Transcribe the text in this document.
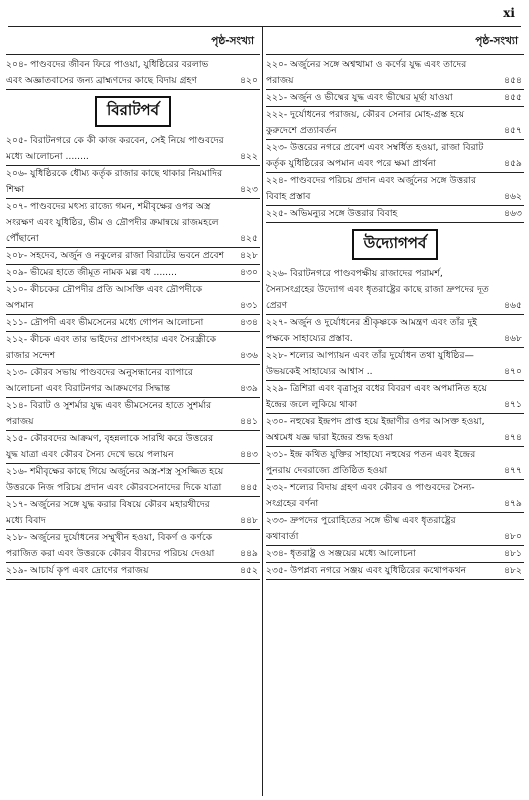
xi
পৃষ্ঠ-সংখ্যা
২০৪- পাণ্ডবদের জীবন ফিরে পাওয়া, যুধিষ্ঠিরের বরলাভ এবং অজ্ঞাতবাসের জন্য ব্রাহ্মণদের কাছে বিদায় গ্রহণ	৪২০
বিরাটপর্ব
২০৫- বিরাটনগরে কে কী কাজ করবেন, সেই নিয়ে পাণ্ডবদের মধ্যে আলোচনা ........	৪২২
২০৬- যুধিষ্ঠিরকে ধৌম্য কর্তৃক রাজার কাছে থাকার নিয়মাদির শিক্ষা	৪২৩
২০৭- পাণ্ডবদের মৎস্য রাজ্যে গমন, শমীবৃক্ষের ওপর অস্ত্র সংরক্ষণ এবং যুধিষ্ঠির, ভীম ও দ্রৌপদীর ক্রমান্বয়ে রাজমহলে পৌঁছানো	৪২৫
২০৮- সহদেব, অর্জুন ও নকুলের রাজা বিরাটের ভবনে প্রবেশ ৪২৮
২০৯- ভীমের হাতে জীমূত নামক মল্ল বধ ........	৪৩০
২১০- কীচকের দ্রৌপদীর প্রতি আসক্তি এবং দ্রৌপদীকে অপমান	৪৩১
২১১- দ্রৌপদী এবং ভীমসেনের মধ্যে গোপন আলোচনা	৪৩৪
২১২- কীচক এবং তার ভাইদের প্রাণসংহার এবং সৈরন্ধ্রীকে রাজার সন্দেশ	৪৩৬
২১৩- কৌরব সভায় পাণ্ডবদের অনুসন্ধানের ব্যাপারে আলোচনা এবং বিরাটনগর আক্রমণের সিদ্ধান্ত	৪৩৯
২১৪- বিরাট ও সুশর্মার যুদ্ধ এবং ভীমসেনের হাতে সুশর্মার পরাজয়	৪৪১
২১৫- কৌরবদের আক্রমণ, বৃহন্নলাকে সারথি করে উত্তরের যুদ্ধ যাত্রা এবং কৌরব সৈন্য দেখে ভয়ে পলায়ন	৪৪৩
২১৬- শমীবৃক্ষের কাছে গিয়ে অর্জুনের অস্ত্র-শস্ত্র সুসজ্জিত হয়ে উত্তরকে নিজ পরিচয় প্রদান এবং কৌরবসেনাদের দিকে যাত্রা ৪৪৫
২১৭- অর্জুনের সঙ্গে যুদ্ধ করার বিষয়ে কৌরব মহারথীদের মধ্যে বিবাদ	৪৪৮
২১৮- অর্জুনের দুর্যোধনের সম্মুখীন হওয়া, বিকর্ণ ও কর্ণকে পরাজিত করা এবং উত্তরকে কৌরব বীরদের পরিচয় দেওয়া	৪৪৯
২১৯- আচার্য কৃপ এবং দ্রোণের পরাজয়	৪৫২
পৃষ্ঠ-সংখ্যা
২২০- অর্জুনের সঙ্গে অশ্বত্থামা ও কর্ণের যুদ্ধ এবং তাদের পরাজয়	৪৫৪
২২১- অর্জুন ও ভীষ্মের যুদ্ধ এবং ভীষ্মের মূর্ছা যাওয়া	৪৫৫
২২২- দুর্যোধনের পরাজয়, কৌরব সেনার মোহ-গ্রস্ত হয়ে কুরুদেশে প্রত্যাবর্তন	৪৫৭
২২৩- উত্তরের নগরে প্রবেশ এবং সম্বর্ধিত হওয়া, রাজা বিরাট কর্তৃক যুধিষ্ঠিরের অপমান এবং পরে ক্ষমা প্রার্থনা	৪৫৯
২২৪- পাণ্ডবদের পরিচয় প্রদান এবং অর্জুনের সঙ্গে উত্তরার বিবাহ প্রস্তাব	৪৬২
২২৫- অভিমন্যুর সঙ্গে উত্তরার বিবাহ	৪৬৩
উদ্যোগপর্ব
২২৬- বিরাটনগরে পাণ্ডবপক্ষীয় রাজাদের পরামর্শ, সৈন্যসংগ্রহের উদ্যোগ এবং ধৃতরাষ্ট্রের কাছে রাজা দ্রুপদের দূত প্রেরণ	৪৬৫
২২৭- অর্জুন ও দুর্যোধনের শ্রীকৃষ্ণকে আমন্ত্রণ এবং তাঁর দুই পক্ষকে সাহায্যের প্রস্তাব.	৪৬৮
২২৮- শল্যের আপ্যায়ন এবং তাঁর দুর্যোধন তথা যুধিষ্ঠির—উভয়কেই সাহায্যের আশ্বাস ..	৪৭০
২২৯- ত্রিশিরা এবং বৃত্রাসুর বধের বিবরণ এবং অপমানিত হয়ে ইন্দ্রের জলে লুকিয়ে থাকা	৪৭১
২৩০- নহুষের ইন্দ্রপদ প্রাপ্ত হয়ে ইন্দ্রাণীর ওপর আসক্ত হওয়া, অশ্বমেধ যজ্ঞ দ্বারা ইন্দ্রের শুদ্ধ হওয়া	৪৭৪
২৩১- ইন্দ্র কথিত যুক্তির সাহায্যে নহুষের পতন এবং ইন্দ্রের পুনরায় দেবরাজ্যে প্রতিষ্ঠিত হওয়া	৪৭৭
২৩২- শল্যের বিদায় গ্রহণ এবং কৌরব ও পাণ্ডবদের সৈন্য-সংগ্রহের বর্ণনা	৪৭৯
২৩৩- দ্রুপদের পুরোহিতের সঙ্গে ভীষ্ম এবং ধৃতরাষ্ট্রের কথাবার্তা	৪৮০
২৩৪- ধৃতরাষ্ট্র ও সঞ্জয়ের মধ্যে আলোচনা	৪৮১
২৩৫- উপপ্লব্য নগরে সঞ্জয় এবং যুধিষ্ঠিরের কথোপকথন	৪৮২
